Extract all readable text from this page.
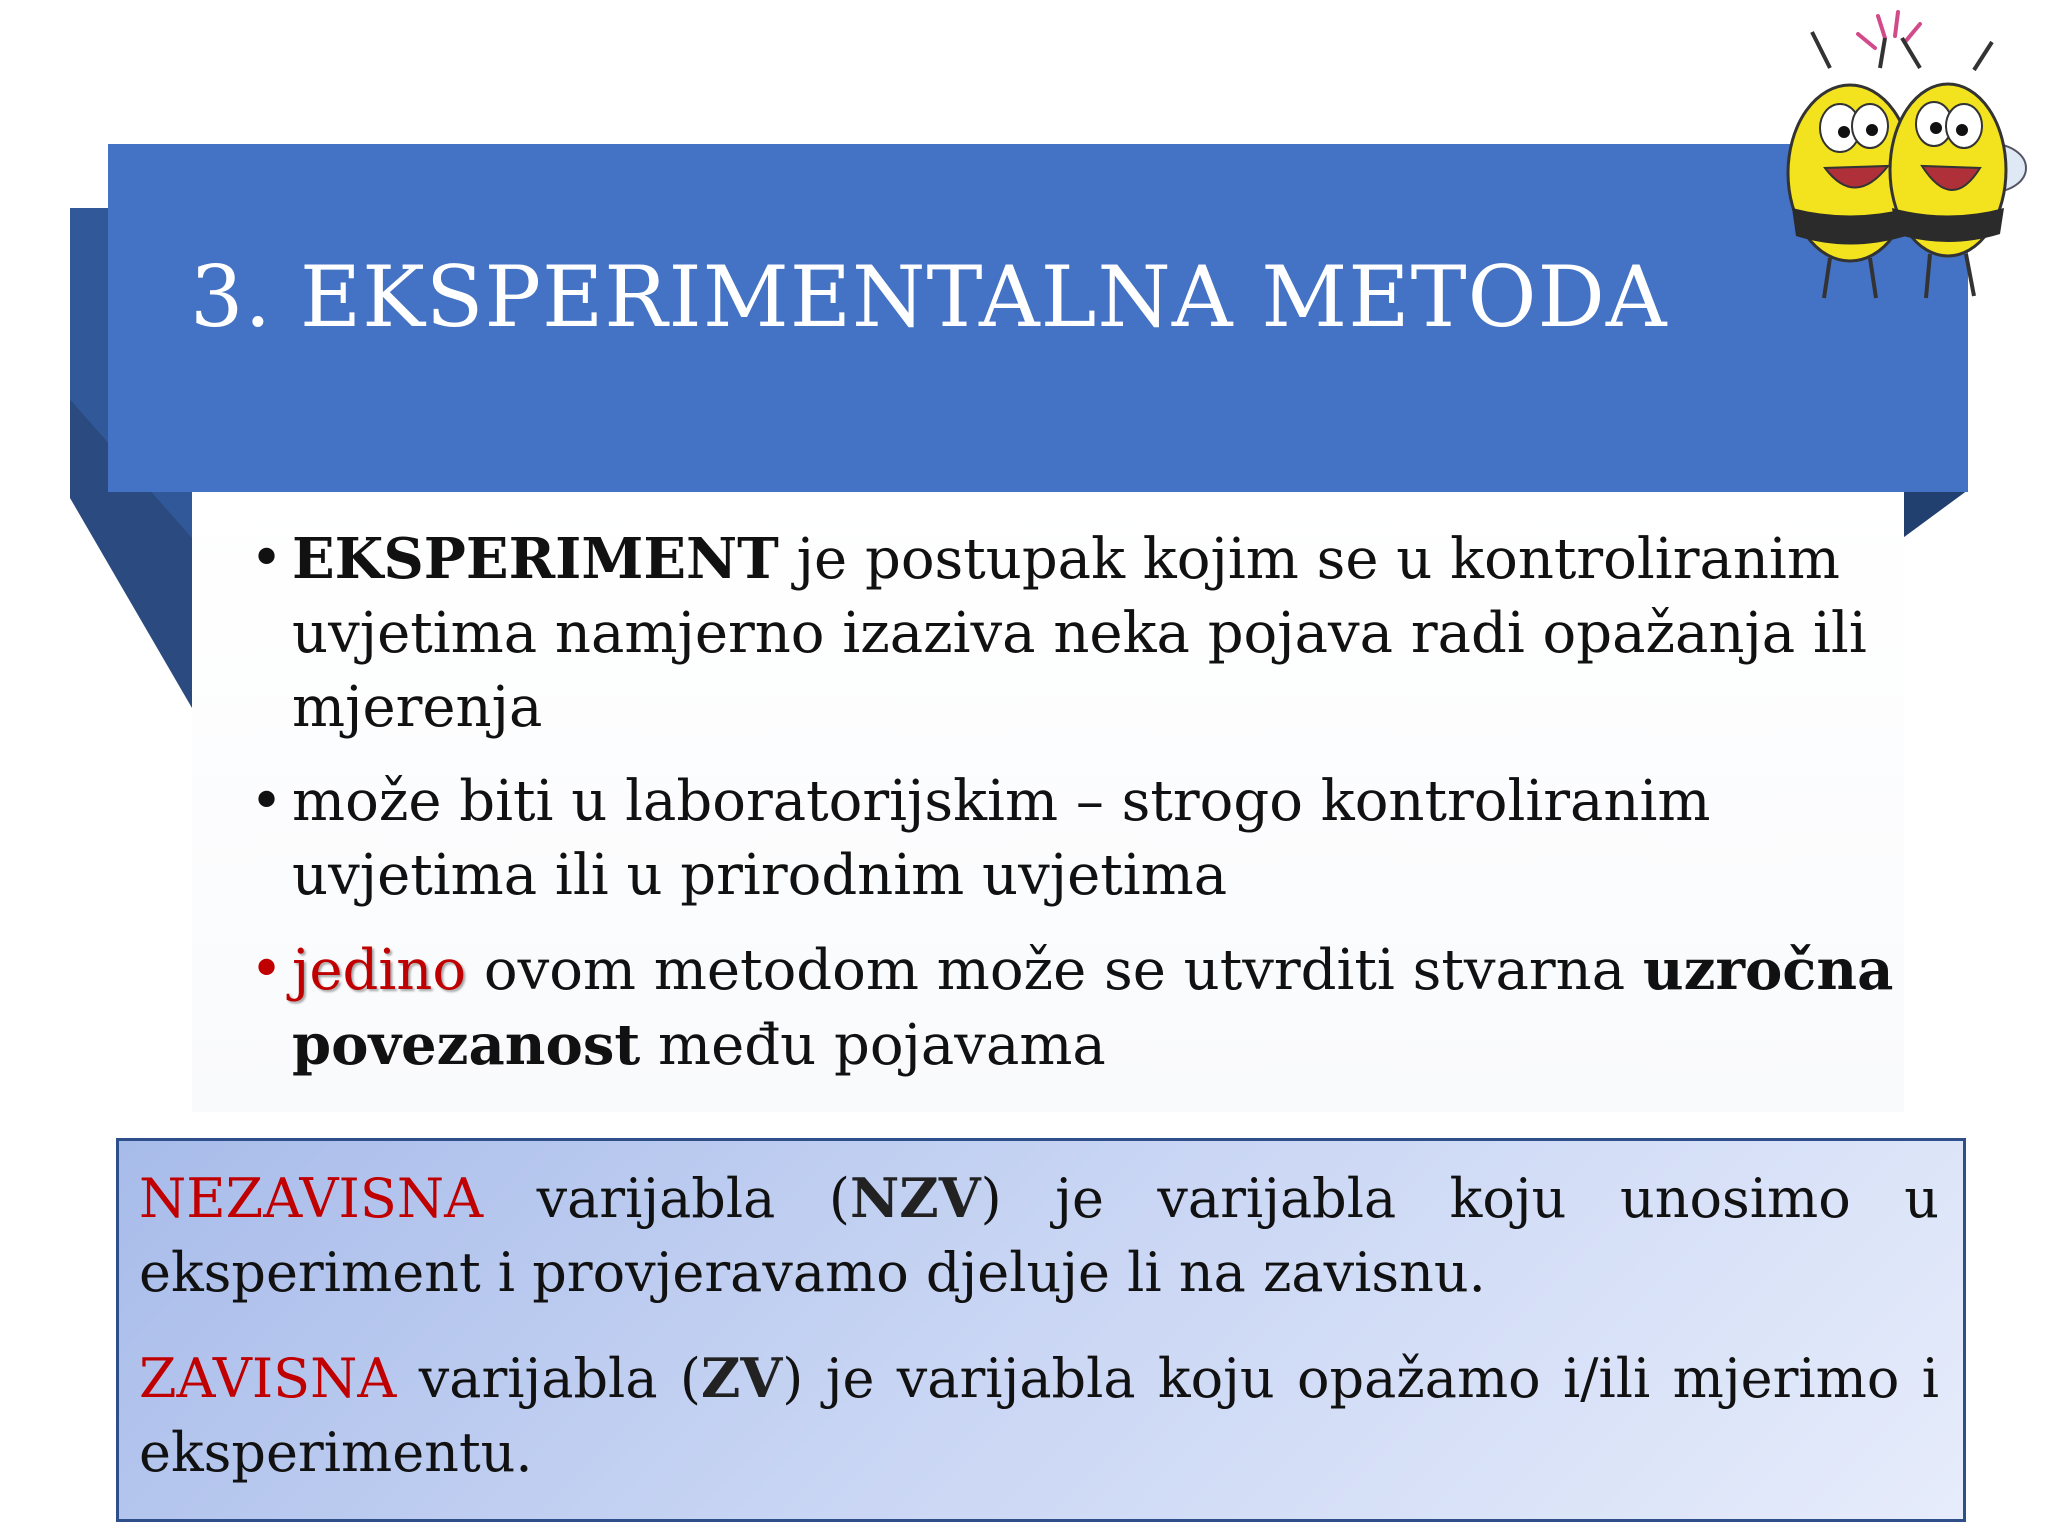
3. EKSPERIMENTALNA METODA
• EKSPERIMENT je postupak kojim se u kontroliranim uvjetima namjerno izaziva neka pojava radi opažanja ili mjerenja
• može biti u laboratorijskim – strogo kontroliranim uvjetima ili u prirodnim uvjetima
• jedino ovom metodom može se utvrditi stvarna uzročna povezanost među pojavama
NEZAVISNA varijabla (NZV) je varijabla koju unosimo u eksperiment i provjeravamo djeluje li na zavisnu.
ZAVISNA varijabla (ZV) je varijabla koju opažamo i/ili mjerimo i eksperimentu.
